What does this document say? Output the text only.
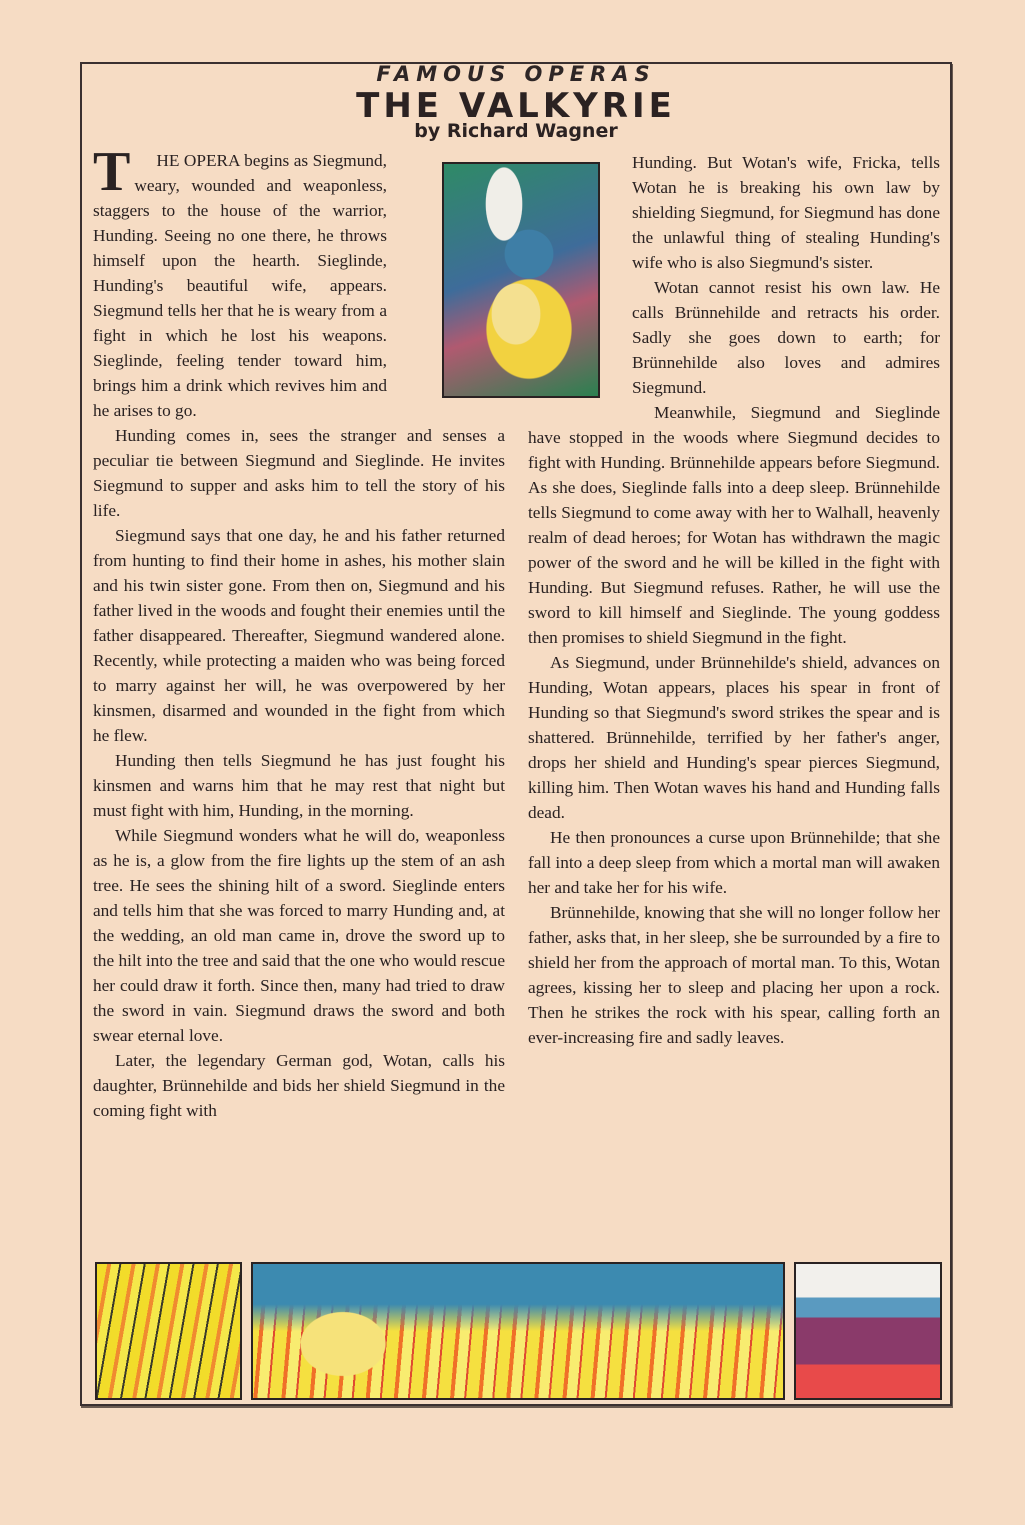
FAMOUS OPERAS
THE VALKYRIE
by Richard Wagner

T HE OPERA begins as Siegmund, weary, wounded and weaponless, staggers to the house of the warrior, Hunding. Seeing no one there, he throws himself upon the hearth. Sieglinde, Hunding's beautiful wife, appears. Siegmund tells her that he is weary from a fight in which he lost his weapons. Sieglinde, feeling tender toward him, brings him a drink which revives him and he arises to go.

Hunding comes in, sees the stranger and senses a peculiar tie between Siegmund and Sieglinde. He invites Siegmund to supper and asks him to tell the story of his life.

Siegmund says that one day, he and his father returned from hunting to find their home in ashes, his mother slain and his twin sister gone. From then on, Siegmund and his father lived in the woods and fought their enemies until the father disappeared. Thereafter, Siegmund wandered alone. Recently, while protecting a maiden who was being forced to marry against her will, he was overpowered by her kinsmen, disarmed and wounded in the fight from which he flew.

Hunding then tells Siegmund he has just fought his kinsmen and warns him that he may rest that night but must fight with him, Hunding, in the morning.

While Siegmund wonders what he will do, weaponless as he is, a glow from the fire lights up the stem of an ash tree. He sees the shining hilt of a sword. Sieglinde enters and tells him that she was forced to marry Hunding and, at the wedding, an old man came in, drove the sword up to the hilt into the tree and said that the one who would rescue her could draw it forth. Since then, many had tried to draw the sword in vain. Siegmund draws the sword and both swear eternal love.

Later, the legendary German god, Wotan, calls his daughter, Brünnehilde and bids her shield Siegmund in the coming fight with

Hunding. But Wotan's wife, Fricka, tells Wotan he is breaking his own law by shielding Siegmund, for Siegmund has done the unlawful thing of stealing Hunding's wife who is also Siegmund's sister.

Wotan cannot resist his own law. He calls Brünnehilde and retracts his order. Sadly she goes down to earth; for Brünnehilde also loves and admires Siegmund.

Meanwhile, Siegmund and Sieglinde have stopped in the woods where Siegmund decides to fight with Hunding. Brünnehilde appears before Siegmund. As she does, Sieglinde falls into a deep sleep. Brünnehilde tells Siegmund to come away with her to Walhall, heavenly realm of dead heroes; for Wotan has withdrawn the magic power of the sword and he will be killed in the fight with Hunding. But Siegmund refuses. Rather, he will use the sword to kill himself and Sieglinde. The young goddess then promises to shield Siegmund in the fight.

As Siegmund, under Brünnehilde's shield, advances on Hunding, Wotan appears, places his spear in front of Hunding so that Siegmund's sword strikes the spear and is shattered. Brünnehilde, terrified by her father's anger, drops her shield and Hunding's spear pierces Siegmund, killing him. Then Wotan waves his hand and Hunding falls dead.

He then pronounces a curse upon Brünnehilde; that she fall into a deep sleep from which a mortal man will awaken her and take her for his wife.

Brünnehilde, knowing that she will no longer follow her father, asks that, in her sleep, she be surrounded by a fire to shield her from the approach of mortal man. To this, Wotan agrees, kissing her to sleep and placing her upon a rock. Then he strikes the rock with his spear, calling forth an ever-increasing fire and sadly leaves.
